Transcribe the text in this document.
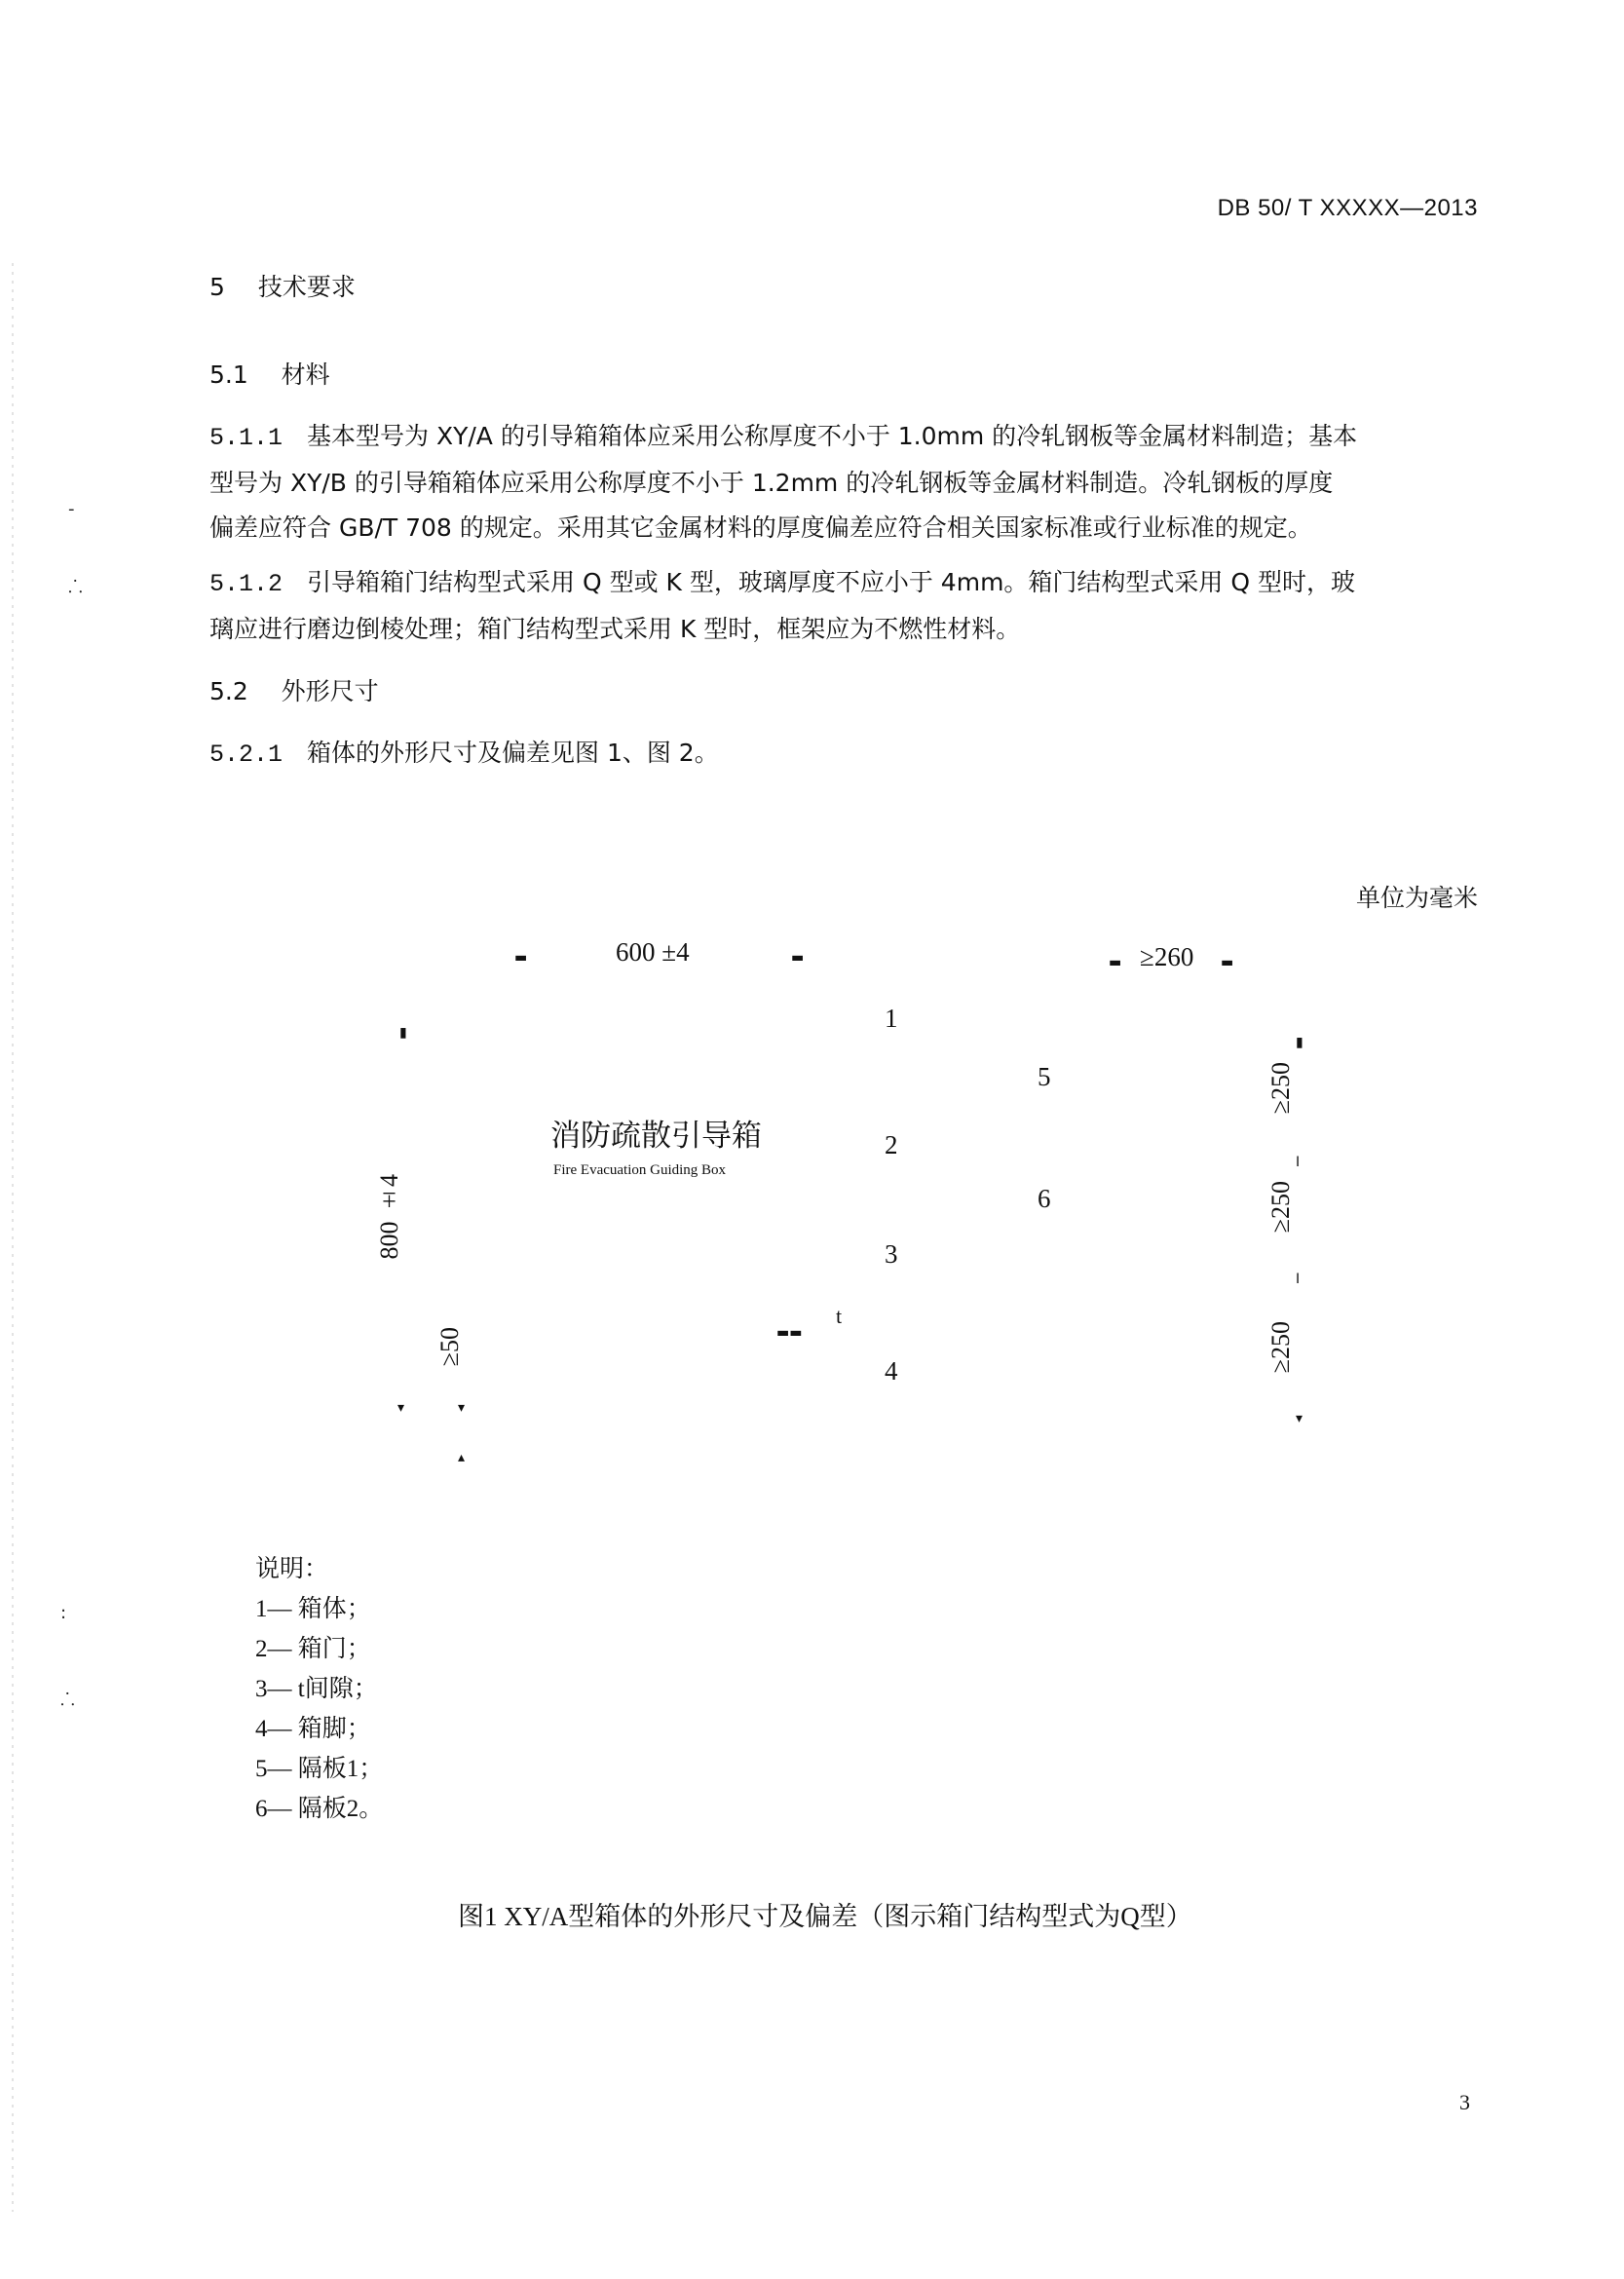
-
⸫
:
⸫
DB 50/ T XXXXX—2013
5 技术要求
5.1 材料
5.1.1 基本型号为 XY/A 的引导箱箱体应采用公称厚度不小于 1.0mm 的冷轧钢板等金属材料制造；基本
型号为 XY/B 的引导箱箱体应采用公称厚度不小于 1.2mm 的冷轧钢板等金属材料制造。冷轧钢板的厚度
偏差应符合 GB/T 708 的规定。采用其它金属材料的厚度偏差应符合相关国家标准或行业标准的规定。
5.1.2 引导箱箱门结构型式采用 Q 型或 K 型，玻璃厚度不应小于 4mm。箱门结构型式采用 Q 型时，玻
璃应进行磨边倒棱处理；箱门结构型式采用 K 型时，框架应为不燃性材料。
5.2 外形尺寸
5.2.1 箱体的外形尺寸及偏差见图 1、图 2。
单位为毫米
▬	600 ±4	▬	▬ ≥260 ▬
▮
800 ±4
▾
≥50
▾
▴
消防疏散引导箱
Fire Evacuation Guiding Box
▬▬
t
1
2
3
4
5
6
▮
≥250
I
≥250
I
≥250
▾
说明：
1— 箱体；
2— 箱门；
3— t间隙；
4— 箱脚；
5— 隔板1；
6— 隔板2。
图1 XY/A型箱体的外形尺寸及偏差（图示箱门结构型式为Q型）
3
